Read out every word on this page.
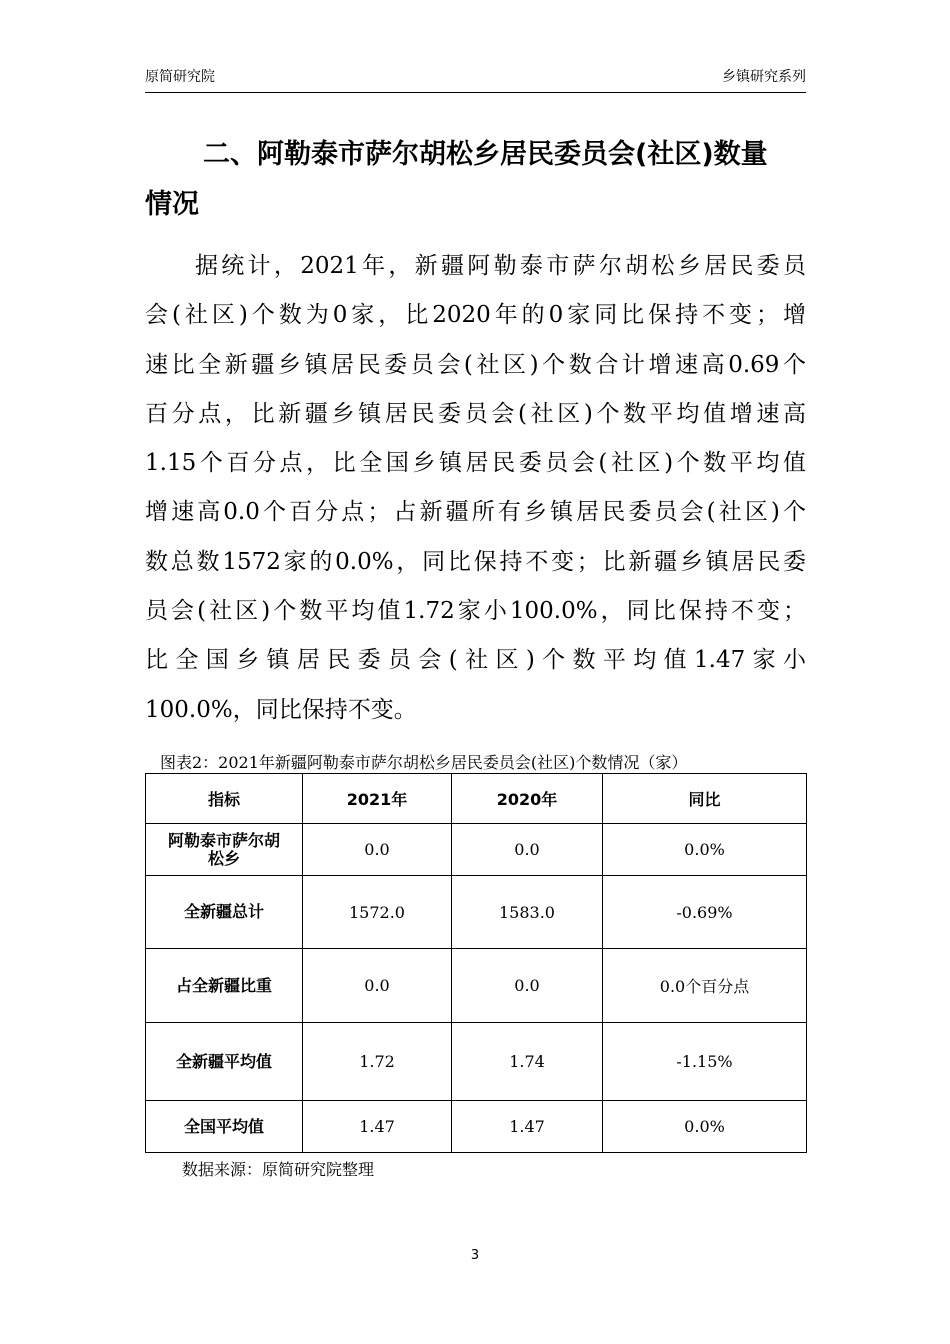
原简研究院	乡镇研究系列
二、阿勒泰市萨尔胡松乡居民委员会(社区)数量
情况
据统计，2021年，新疆阿勒泰市萨尔胡松乡居民委员
会(社区)个数为0家，比2020年的0家同比保持不变；增
速比全新疆乡镇居民委员会(社区)个数合计增速高0.69个
百分点，比新疆乡镇居民委员会(社区)个数平均值增速高
1.15个百分点，比全国乡镇居民委员会(社区)个数平均值
增速高0.0个百分点；占新疆所有乡镇居民委员会(社区)个
数总数1572家的0.0%，同比保持不变；比新疆乡镇居民委
员会(社区)个数平均值1.72家小100.0%，同比保持不变；
比全国乡镇居民委员会(社区)个数平均值1.47家小
100.0%，同比保持不变。
图表2：2021年新疆阿勒泰市萨尔胡松乡居民委员会(社区)个数情况（家）
指标	2021年	2020年	同比
阿勒泰市萨尔胡松乡	0.0	0.0	0.0%
全新疆总计	1572.0	1583.0	-0.69%
占全新疆比重	0.0	0.0	0.0个百分点
全新疆平均值	1.72	1.74	-1.15%
全国平均值	1.47	1.47	0.0%
数据来源：原简研究院整理
3
